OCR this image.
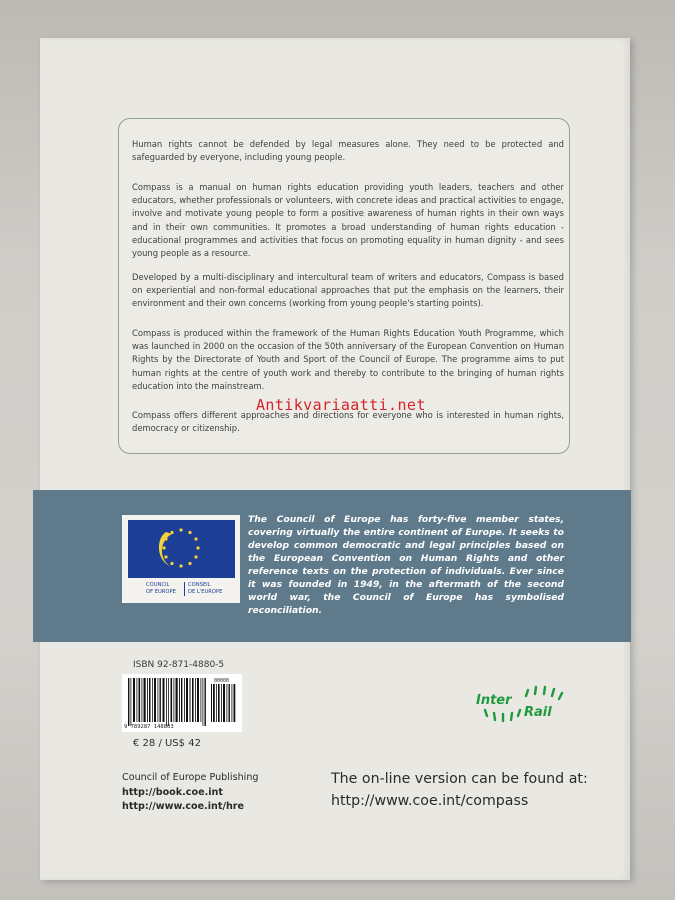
Human rights cannot be defended by legal measures alone. They need to be protected and safeguarded by everyone, including young people.

Compass is a manual on human rights education providing youth leaders, teachers and other educators, whether professionals or volunteers, with concrete ideas and practical activities to engage, involve and motivate young people to form a positive awareness of human rights in their own ways and in their own communities. It promotes a broad understanding of human rights education - educational programmes and activities that focus on promoting equality in human dignity - and sees young people as a resource.

Developed by a multi-disciplinary and intercultural team of writers and educators, Compass is based on experiential and non-formal educational approaches that put the emphasis on the learners, their environment and their own concerns (working from young people's starting points).

Compass is produced within the framework of the Human Rights Education Youth Programme, which was launched in 2000 on the occasion of the 50th anniversary of the European Convention on Human Rights by the Directorate of Youth and Sport of the Council of Europe. The programme aims to put human rights at the centre of youth work and thereby to contribute to the bringing of human rights education into the mainstream.

Compass offers different approaches and directions for everyone who is interested in human rights, democracy or citizenship.

Antikvariaatti.net
COUNCIL
OF EUROPE
CONSEIL
DE L'EUROPE

The Council of Europe has forty-five member states, covering virtually the entire continent of Europe. It seeks to develop common democratic and legal principles based on the European Convention on Human Rights and other reference texts on the protection of individuals. Ever since it was founded in 1949, in the aftermath of the second world war, the Council of Europe has symbolised reconciliation.

ISBN 92-871-4880-5
00000
9 789287 148803
€ 28 / US$ 42
Council of Europe Publishing
http://book.coe.int
http://www.coe.int/hre
The on-line version can be found at:
http://www.coe.int/compass
Inter
Rail
